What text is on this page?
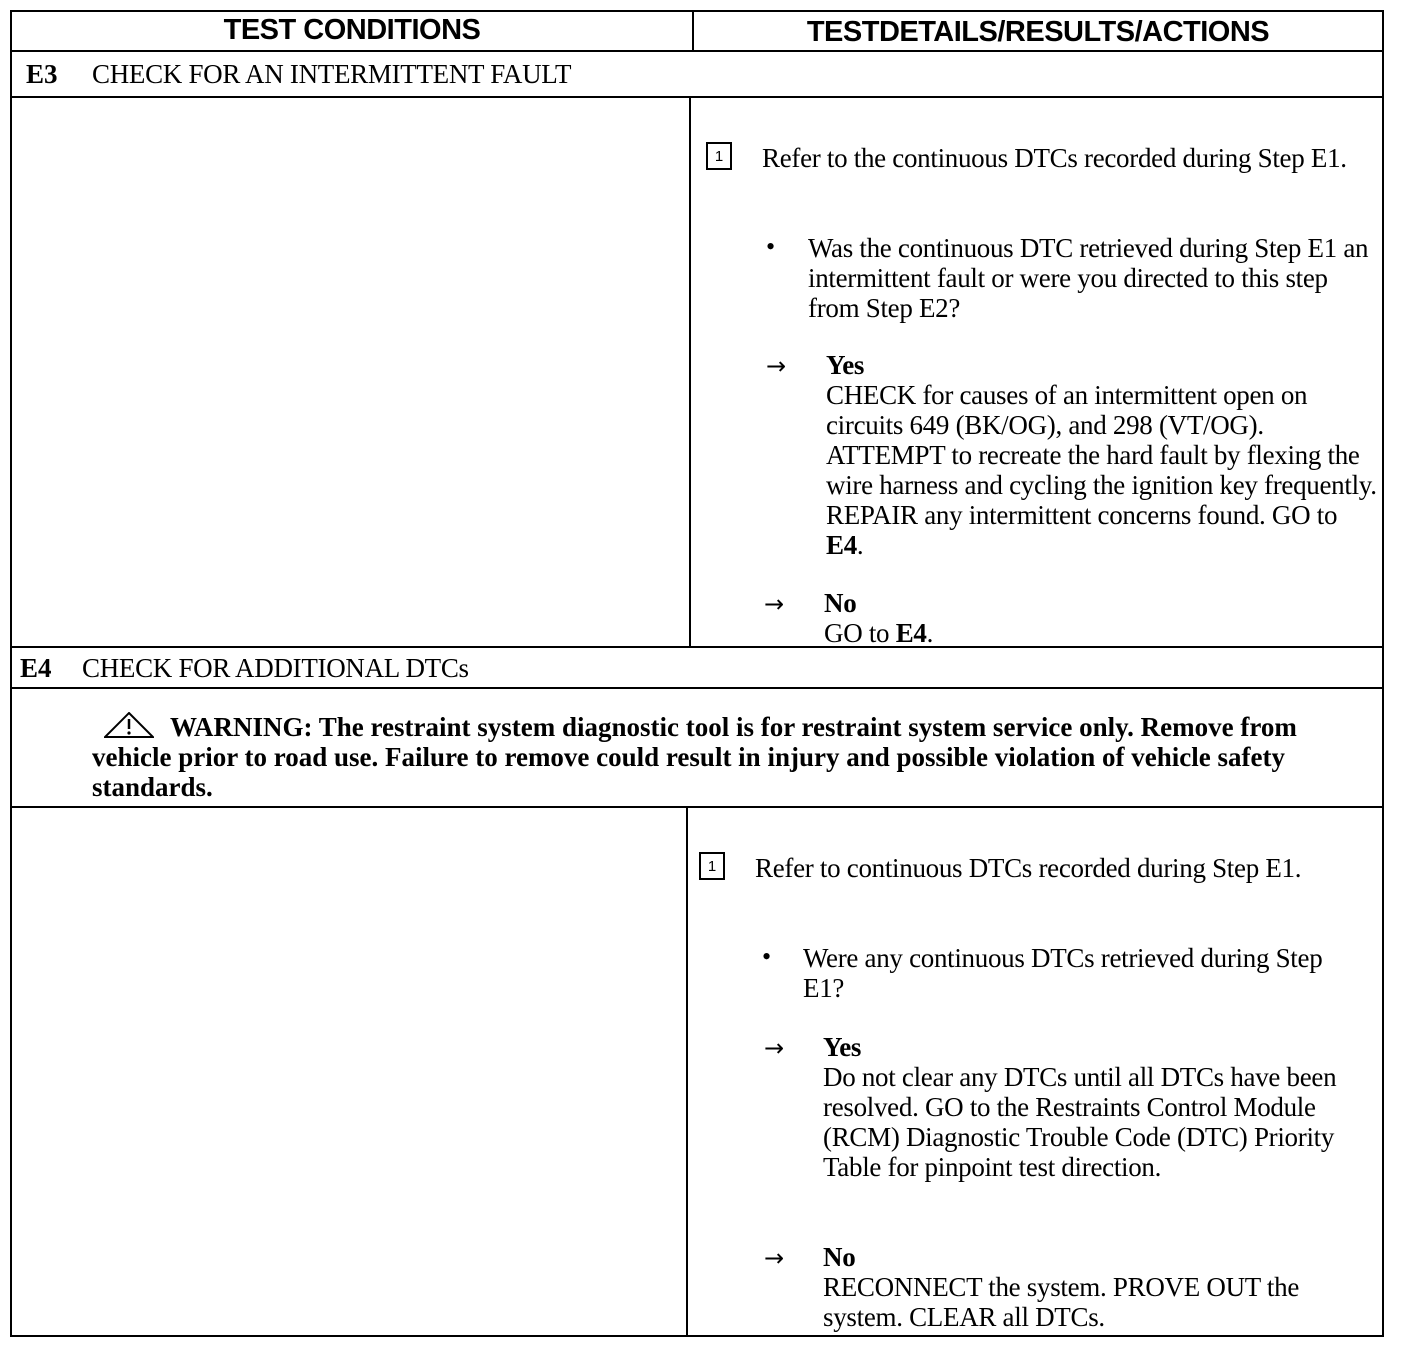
TEST CONDITIONS	TESTDETAILS/RESULTS/ACTIONS
E3	CHECK FOR AN INTERMITTENT FAULT
1	Refer to the continuous DTCs recorded during Step E1.
• Was the continuous DTC retrieved during Step E1 an intermittent fault or were you directed to this step from Step E2?
→ Yes
CHECK for causes of an intermittent open on circuits 649 (BK/OG), and 298 (VT/OG). ATTEMPT to recreate the hard fault by flexing the wire harness and cycling the ignition key frequently. REPAIR any intermittent concerns found. GO to E4.
→ No
GO to E4.
E4	CHECK FOR ADDITIONAL DTCs
WARNING: The restraint system diagnostic tool is for restraint system service only. Remove from vehicle prior to road use. Failure to remove could result in injury and possible violation of vehicle safety standards.
1	Refer to continuous DTCs recorded during Step E1.
• Were any continuous DTCs retrieved during Step E1?
→ Yes
Do not clear any DTCs until all DTCs have been resolved. GO to the Restraints Control Module (RCM) Diagnostic Trouble Code (DTC) Priority Table for pinpoint test direction.
→ No
RECONNECT the system. PROVE OUT the system. CLEAR all DTCs.
